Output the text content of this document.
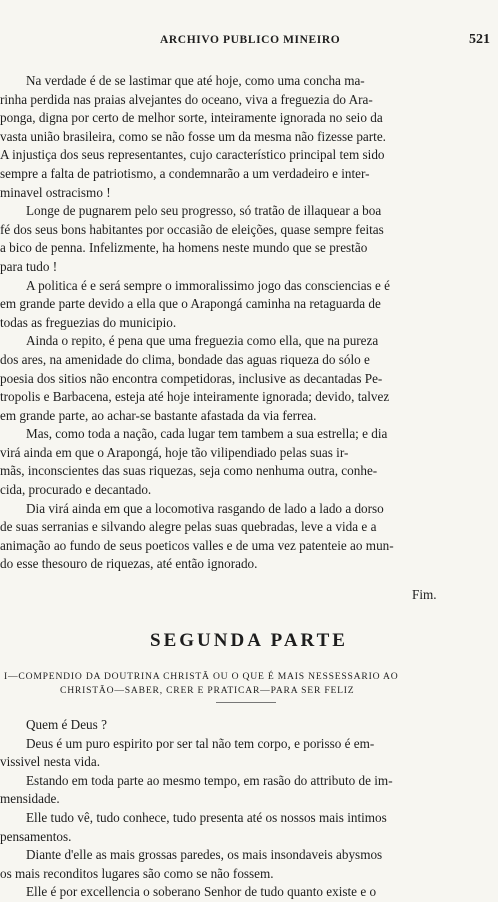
ARCHIVO PUBLICO MINEIRO	521

Na verdade é de se lastimar que até hoje, como uma concha ma-
rinha perdida nas praias alvejantes do oceano, viva a freguezia do Ara-
ponga, digna por certo de melhor sorte, inteiramente ignorada no seio da
vasta união brasileira, como se não fosse um da mesma não fizesse parte.
A injustiça dos seus representantes, cujo característico principal tem sido
sempre a falta de patriotismo, a condemnarão a um verdadeiro e inter-
minavel ostracismo !

Longe de pugnarem pelo seu progresso, só tratão de illaquear a boa
fé dos seus bons habitantes por occasião de eleições, quase sempre feitas
a bico de penna. Infelizmente, ha homens neste mundo que se prestão
para tudo !

A politica é e será sempre o immoralissimo jogo das consciencias e é
em grande parte devido a ella que o Arapongá caminha na retaguarda de
todas as freguezias do municipio.

Ainda o repito, é pena que uma freguezia como ella, que na pureza
dos ares, na amenidade do clima, bondade das aguas riqueza do sólo e
poesia dos sitios não encontra competidoras, inclusive as decantadas Pe-
tropolis e Barbacena, esteja até hoje inteiramente ignorada; devido, talvez
em grande parte, ao achar-se bastante afastada da via ferrea.

Mas, como toda a nação, cada lugar tem tambem a sua estrella; e dia
virá ainda em que o Arapongá, hoje tão vilipendiado pelas suas ir-
mãs, inconscientes das suas riquezas, seja como nenhuma outra, conhe-
cida, procurado e decantado.

Dia virá ainda em que a locomotiva rasgando de lado a lado a dorso
de suas serranias e silvando alegre pelas suas quebradas, leve a vida e a
animação ao fundo de seus poeticos valles e de uma vez patenteie ao mun-
do esse thesouro de riquezas, até então ignorado.

Fim.
SEGUNDA PARTE
I—COMPENDIO DA DOUTRINA CHRISTÃ OU O QUE É MAIS NESSESSARIO AO
CHRISTÃO—SABER, CRER E PRATICAR—PARA SER FELIZ

Quem é Deus ?

Deus é um puro espirito por ser tal não tem corpo, e porisso é em-
vissivel nesta vida.

Estando em toda parte ao mesmo tempo, em rasão do attributo de im-
mensidade.

Elle tudo vê, tudo conhece, tudo presenta até os nossos mais intimos
pensamentos.

Diante d'elle as mais grossas paredes, os mais insondaveis abysmos
os mais reconditos lugares são como se não fossem.

Elle é por excellencia o soberano Senhor de tudo quanto existe e o
